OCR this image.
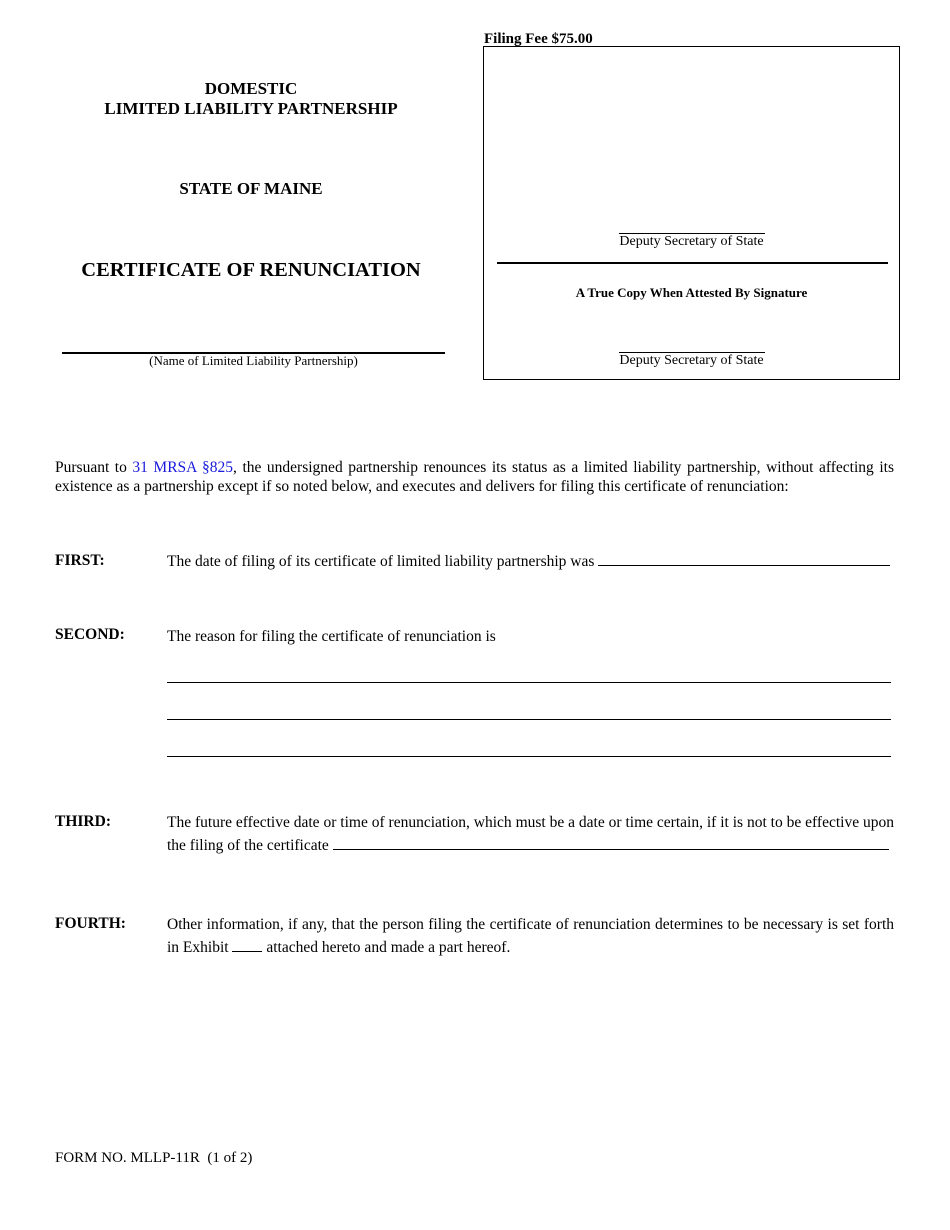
Filing Fee $75.00
Deputy Secretary of State
A True Copy When Attested By Signature
Deputy Secretary of State
DOMESTIC
LIMITED LIABILITY PARTNERSHIP
STATE OF MAINE
CERTIFICATE OF RENUNCIATION
(Name of Limited Liability Partnership)
Pursuant to 31 MRSA §825, the undersigned partnership renounces its status as a limited liability partnership, without affecting its existence as a partnership except if so noted below, and executes and delivers for filing this certificate of renunciation:
FIRST:	The date of filing of its certificate of limited liability partnership was
SECOND:	The reason for filing the certificate of renunciation is
THIRD:	The future effective date or time of renunciation, which must be a date or time certain, if it is not to be effective upon the filing of the certificate
FOURTH:	Other information, if any, that the person filing the certificate of renunciation determines to be necessary is set forth in Exhibit attached hereto and made a part hereof.
FORM NO. MLLP-11R  (1 of 2)
